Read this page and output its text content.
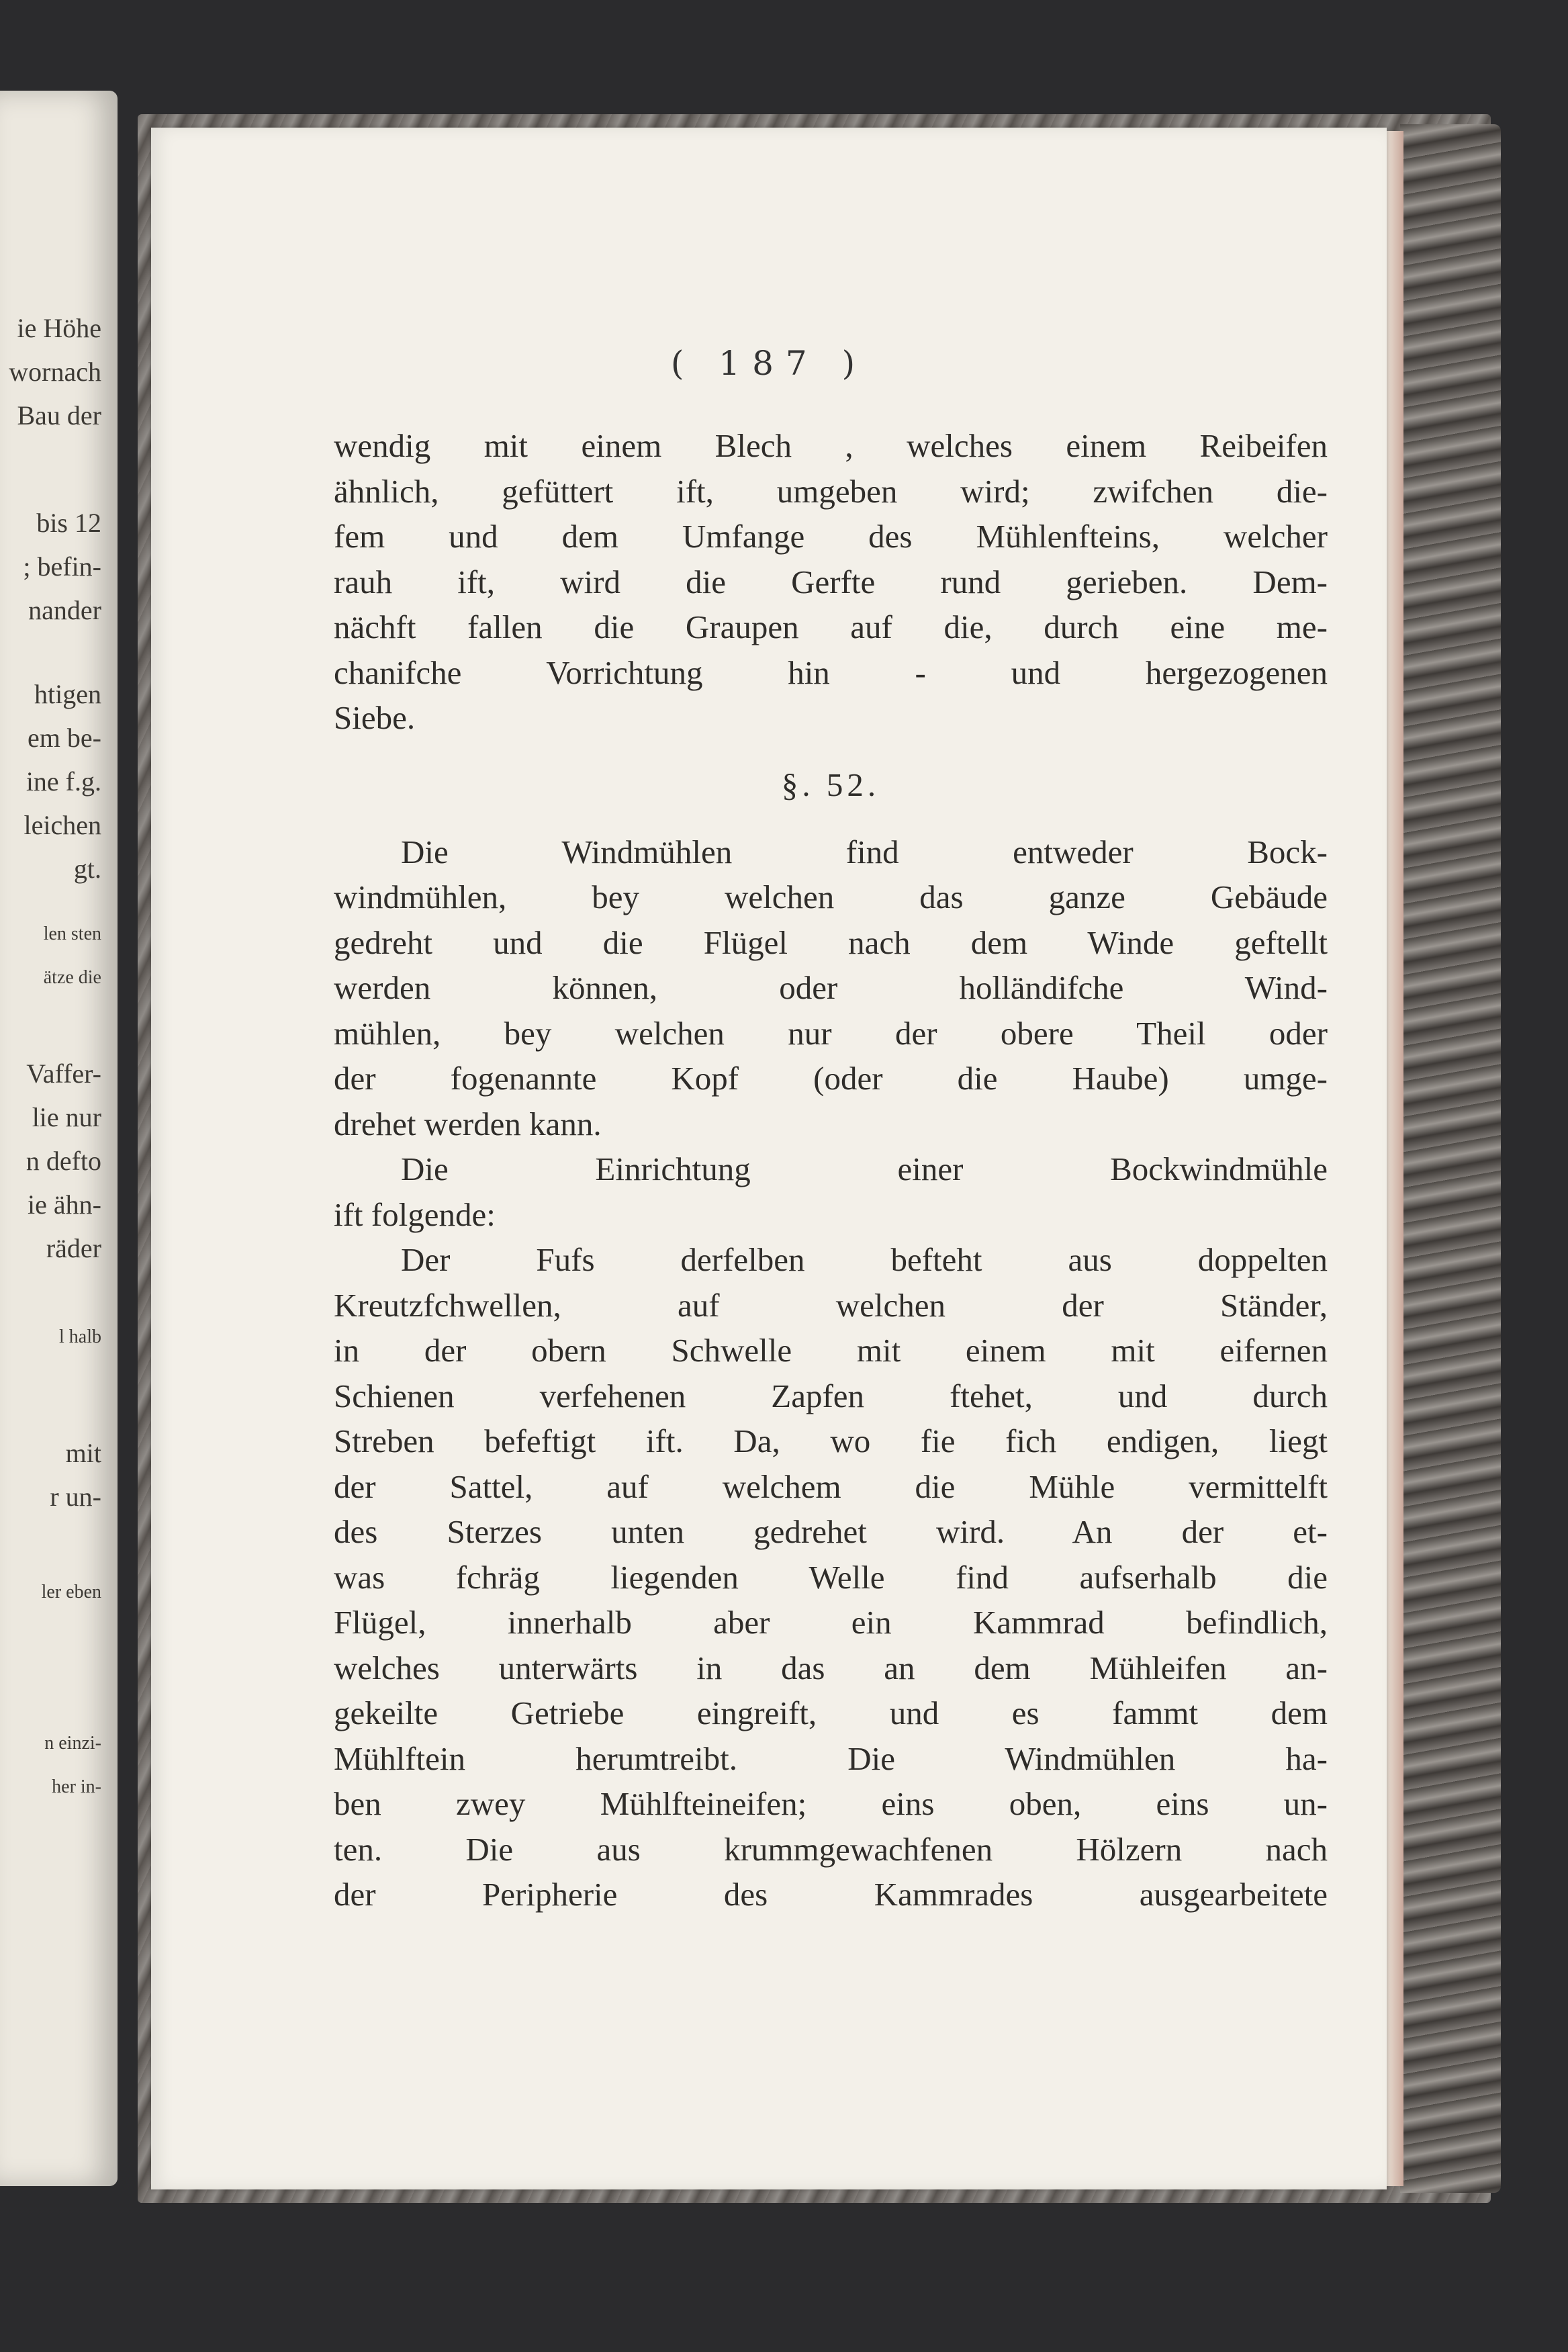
ie Höhe
wornach
Bau der
bis 12
; befin-
nander
htigen
em be-
ine f.g.
leichen
gt.
len sten
ätze die
Vaffer-
lie nur
n defto
ie ähn-
räder
l halb
mit
r un-
ler eben
n einzi-
her in-
( 187 )
wendig mit einem Blech , welches einem Reibeifen
ähnlich, gefüttert ift, umgeben wird; zwifchen die-
fem und dem Umfange des Mühlenfteins, welcher
rauh ift, wird die Gerfte rund gerieben. Dem-
nächft fallen die Graupen auf die, durch eine me-
chanifche Vorrichtung hin - und hergezogenen
Siebe.
§. 52.
Die Windmühlen find entweder Bock-
windmühlen, bey welchen das ganze Gebäude
gedreht und die Flügel nach dem Winde geftellt
werden können, oder holländifche Wind-
mühlen, bey welchen nur der obere Theil oder
der fogenannte Kopf (oder die Haube) umge-
drehet werden kann.
Die Einrichtung einer Bockwindmühle
ift folgende:
Der Fufs derfelben befteht aus doppelten
Kreutzfchwellen, auf welchen der Ständer,
in der obern Schwelle mit einem mit eifernen
Schienen verfehenen Zapfen ftehet, und durch
Streben befeftigt ift. Da, wo fie fich endigen, liegt
der Sattel, auf welchem die Mühle vermittelft
des Sterzes unten gedrehet wird. An der et-
was fchräg liegenden Welle find aufserhalb die
Flügel, innerhalb aber ein Kammrad befindlich,
welches unterwärts in das an dem Mühleifen an-
gekeilte Getriebe eingreift, und es fammt dem
Mühlftein herumtreibt. Die Windmühlen ha-
ben zwey Mühlfteineifen; eins oben, eins un-
ten. Die aus krummgewachfenen Hölzern nach
der Peripherie des Kammrades ausgearbeitete
